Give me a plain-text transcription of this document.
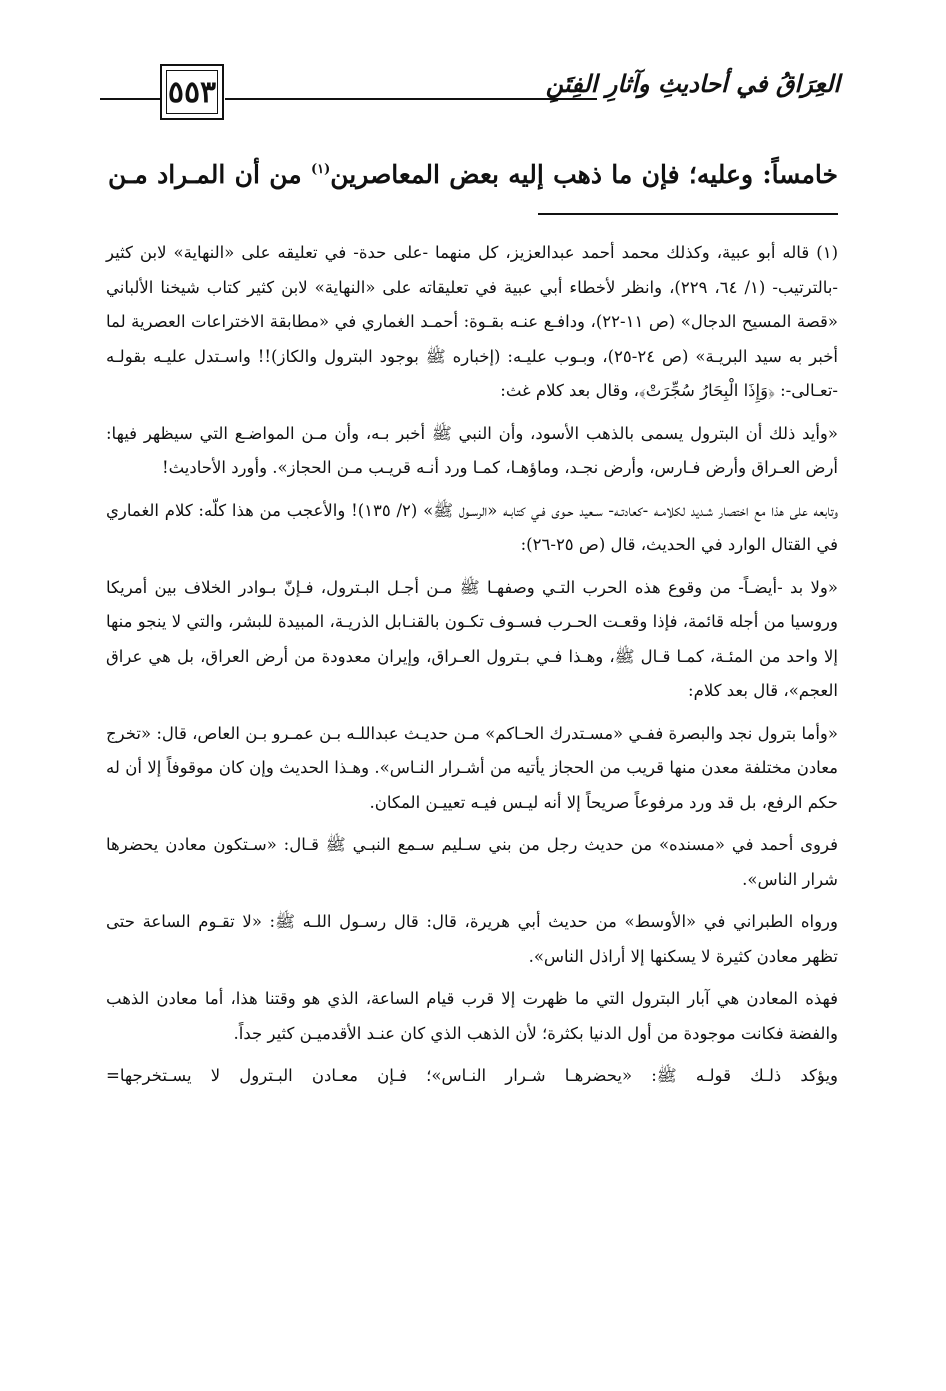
٥٥٣	العِرَاقُ في أحاديثِ وآثارِ الفِتَنِ
خامساً: وعليه؛ فإن ما ذهب إليه بعض المعاصرين$^{(١)}$ من أن المـراد مـن

(١) قاله أبو عبية، وكذلك محمد أحمد عبدالعزيز، كل منهما -على حدة- في تعليقه على «النهاية» لابن كثير -بالترتيب- (١/ ٦٤، ٢٢٩)، وانظر لأخطاء أبي عبية في تعليقاته على «النهاية» لابن كثير كتاب شيخنا الألباني «قصة المسيح الدجال» (ص ١١-٢٢)، ودافـع عنـه بقـوة: أحمـد الغماري في «مطابقة الاختراعات العصرية لما أخبر به سيد البريـة» (ص ٢٤-٢٥)، وبـوب عليـه: (إخباره ﷺ بوجود البترول والكاز)!! واسـتدل عليـه بقولـه -تعـالى-: ﴿وَإِذَا الْبِحَارُ سُجِّرَتْ﴾، وقال بعد كلام غث:

«وأيد ذلك أن البترول يسمى بالذهب الأسود، وأن النبي ﷺ أخبر بـه، وأن مـن المواضـع التي سيظهر فيها: أرض العـراق وأرض فـارس، وأرض نجـد، وماؤهـا، كمـا ورد أنـه قريـب مـن الحجاز». وأورد الأحاديث!

وتابعه على هذا مع اختصار شـديد لكلامـه -كعادتـه- سـعيد حـوى فـي كتابـه «الرسـول ﷺ» (٢/ ١٣٥)! والأعجب من هذا كلّه: كلام الغماري في القتال الوارد في الحديث، قال (ص ٢٥-٢٦):

«ولا بد -أيضـاً- من وقوع هذه الحرب التـي وصفهـا ﷺ مـن أجـل البـترول، فـإنّ بـوادر الخلاف بين أمريكا وروسيا من أجله قائمة، فإذا وقعـت الحـرب فسـوف تكـون بالقنـابل الذريـة، المبيدة للبشر، والتي لا ينجو منها إلا واحد من المئـة، كمـا قـال ﷺ، وهـذا فـي بـترول العـراق، وإيران معدودة من أرض العراق، بل هي عراق العجم»، قال بعد كلام:

«وأما بترول نجد والبصرة ففـي «مسـتدرك الحـاكم» مـن حديـث عبداللـه بـن عمـرو بـن العاص، قال: «تخرج معادن مختلفة معدن منها قريب من الحجاز يأتيه من أشـرار النـاس». وهـذا الحديث وإن كان موقوفاً إلا أن له حكم الرفع، بل قد ورد مرفوعاً صريحاً إلا أنه ليـس فيـه تعييـن المكان.

فروى أحمد في «مسنده» من حديث رجل من بني سـليم سـمع النبـي ﷺ قـال: «سـتكون معادن يحضرها شرار الناس».

ورواه الطبراني في «الأوسط» من حديث أبي هريرة، قال: قال رسـول اللـه ﷺ: «لا تقـوم الساعة حتى تظهر معادن كثيرة لا يسكنها إلا أراذل الناس».

فهذه المعادن هي آبار البترول التي ما ظهرت إلا قرب قيام الساعة، الذي هو وقتنا هذا، أما معادن الذهب والفضة فكانت موجودة من أول الدنيا بكثرة؛ لأن الذهب الذي كان عنـد الأقدميـن كثير جداً.

ويؤكد ذلـك قولـه ﷺ: «يحضرهـا شـرار النـاس»؛ فـإن معـادن البـترول لا يسـتخرجها=
